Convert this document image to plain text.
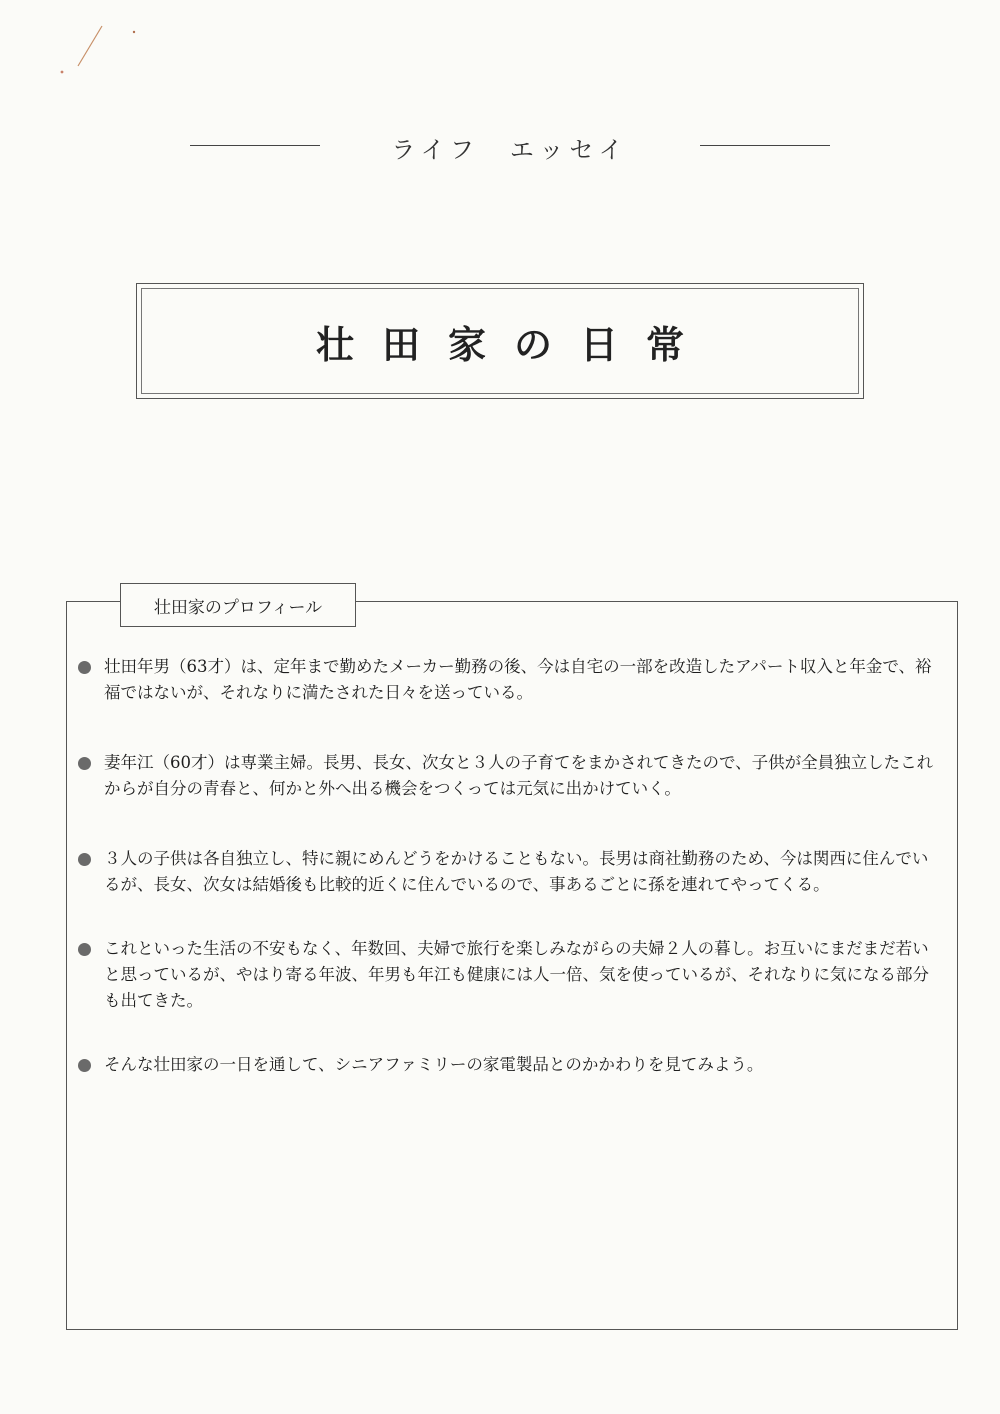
ライフ　エッセイ
壮田家の日常
壮田家のプロフィール
壮田年男（63才）は、定年まで勤めたメーカー勤務の後、今は自宅の一部を改造したアパート収入と年金で、裕福ではないが、それなりに満たされた日々を送っている。
妻年江（60才）は専業主婦。長男、長女、次女と３人の子育てをまかされてきたので、子供が全員独立したこれからが自分の青春と、何かと外へ出る機会をつくっては元気に出かけていく。
３人の子供は各自独立し、特に親にめんどうをかけることもない。長男は商社勤務のため、今は関西に住んでいるが、長女、次女は結婚後も比較的近くに住んでいるので、事あるごとに孫を連れてやってくる。
これといった生活の不安もなく、年数回、夫婦で旅行を楽しみながらの夫婦２人の暮し。お互いにまだまだ若いと思っているが、やはり寄る年波、年男も年江も健康には人一倍、気を使っているが、それなりに気になる部分も出てきた。
そんな壮田家の一日を通して、シニアファミリーの家電製品とのかかわりを見てみよう。
